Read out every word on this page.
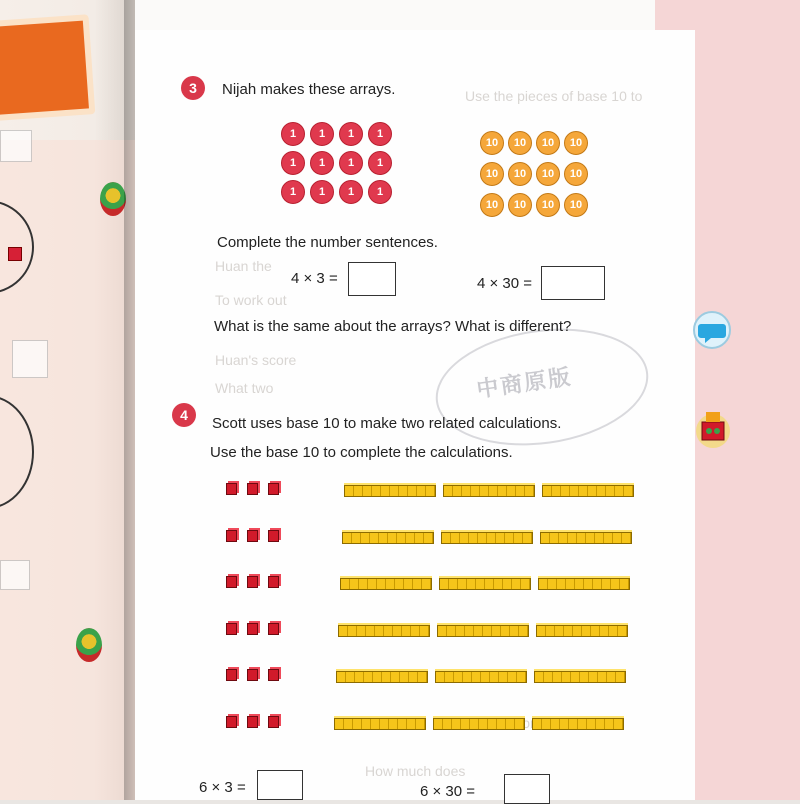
Use the pieces of base 10 to
Huan the
To work out
Huan's score
What two
How much does
中商原版
3	Nijah makes these arrays.
1	1	1	1
1	1	1	1
1	1	1	1
10	10	10	10
10	10	10	10
10	10	10	10
Complete the number sentences.
4 × 3 =	4 × 30 =
What is the same about the arrays? What is different?
4	Scott uses base 10 to make two related calculations.
Use the base 10 to complete the calculations.
6 × 3 =	6 × 30 =
